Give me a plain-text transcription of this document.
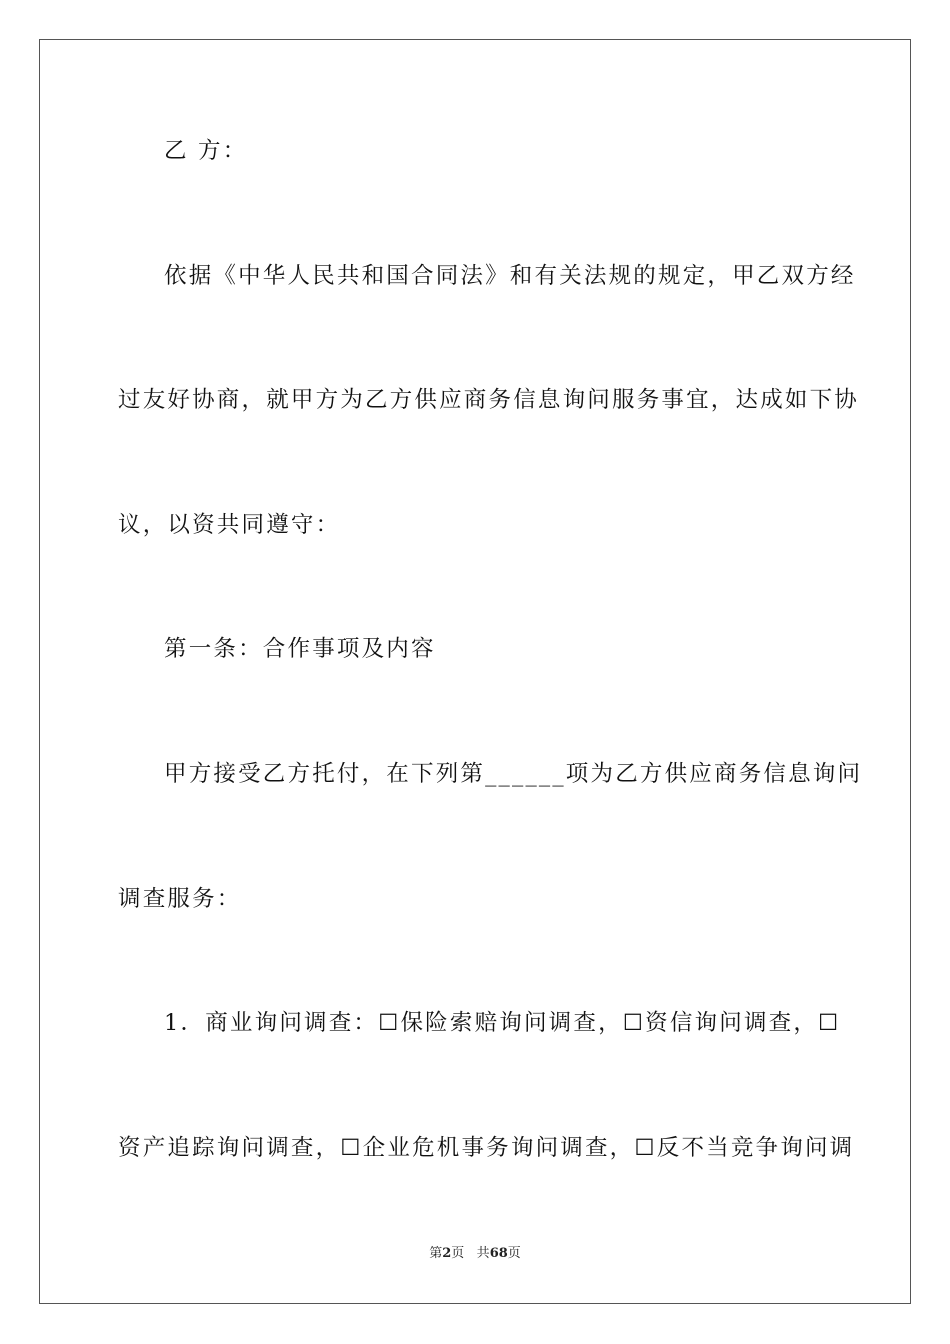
乙 方：
依据《中华人民共和国合同法》和有关法规的规定，甲乙双方经
过友好协商，就甲方为乙方供应商务信息询问服务事宜，达成如下协
议，以资共同遵守：
第一条：合作事项及内容
甲方接受乙方托付，在下列第______项为乙方供应商务信息询问
调查服务：
1．商业询问调查：☐保险索赔询问调查，☐资信询问调查，☐
资产追踪询问调查，☐企业危机事务询问调查，☐反不当竞争询问调
第2页 共68页
